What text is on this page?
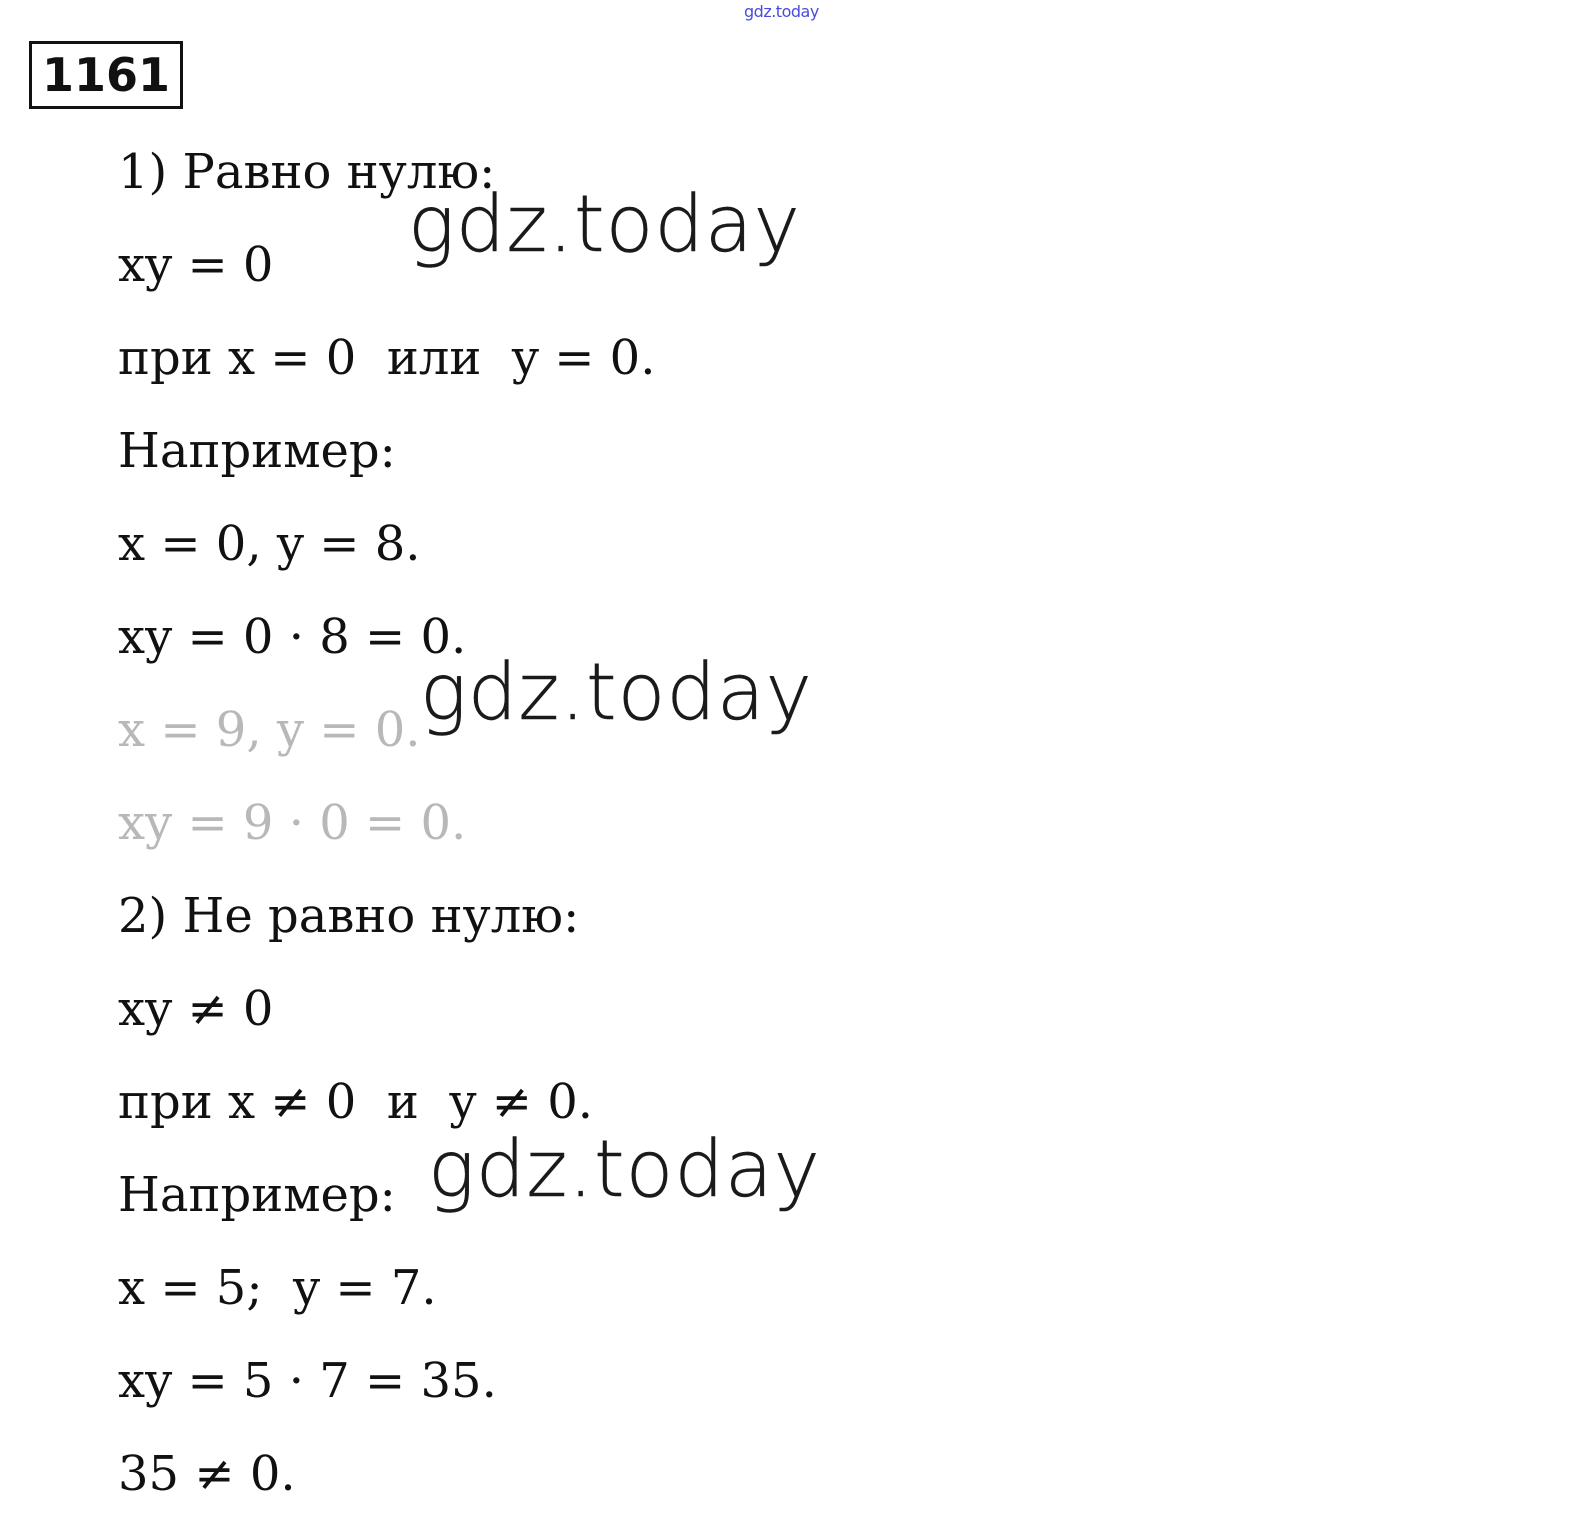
gdz.today
1161
1) Равно нулю:
xy = 0
при x = 0  или  y = 0.
Например:
x = 0, y = 8.
xy = 0 · 8 = 0.
x = 9, y = 0.
xy = 9 · 0 = 0.
2) Не равно нулю:
xy ≠ 0
при x ≠ 0  и  y ≠ 0.
Например:
x = 5;  y = 7.
xy = 5 · 7 = 35.
35 ≠ 0.
gdz.today
gdz.today
gdz.today
